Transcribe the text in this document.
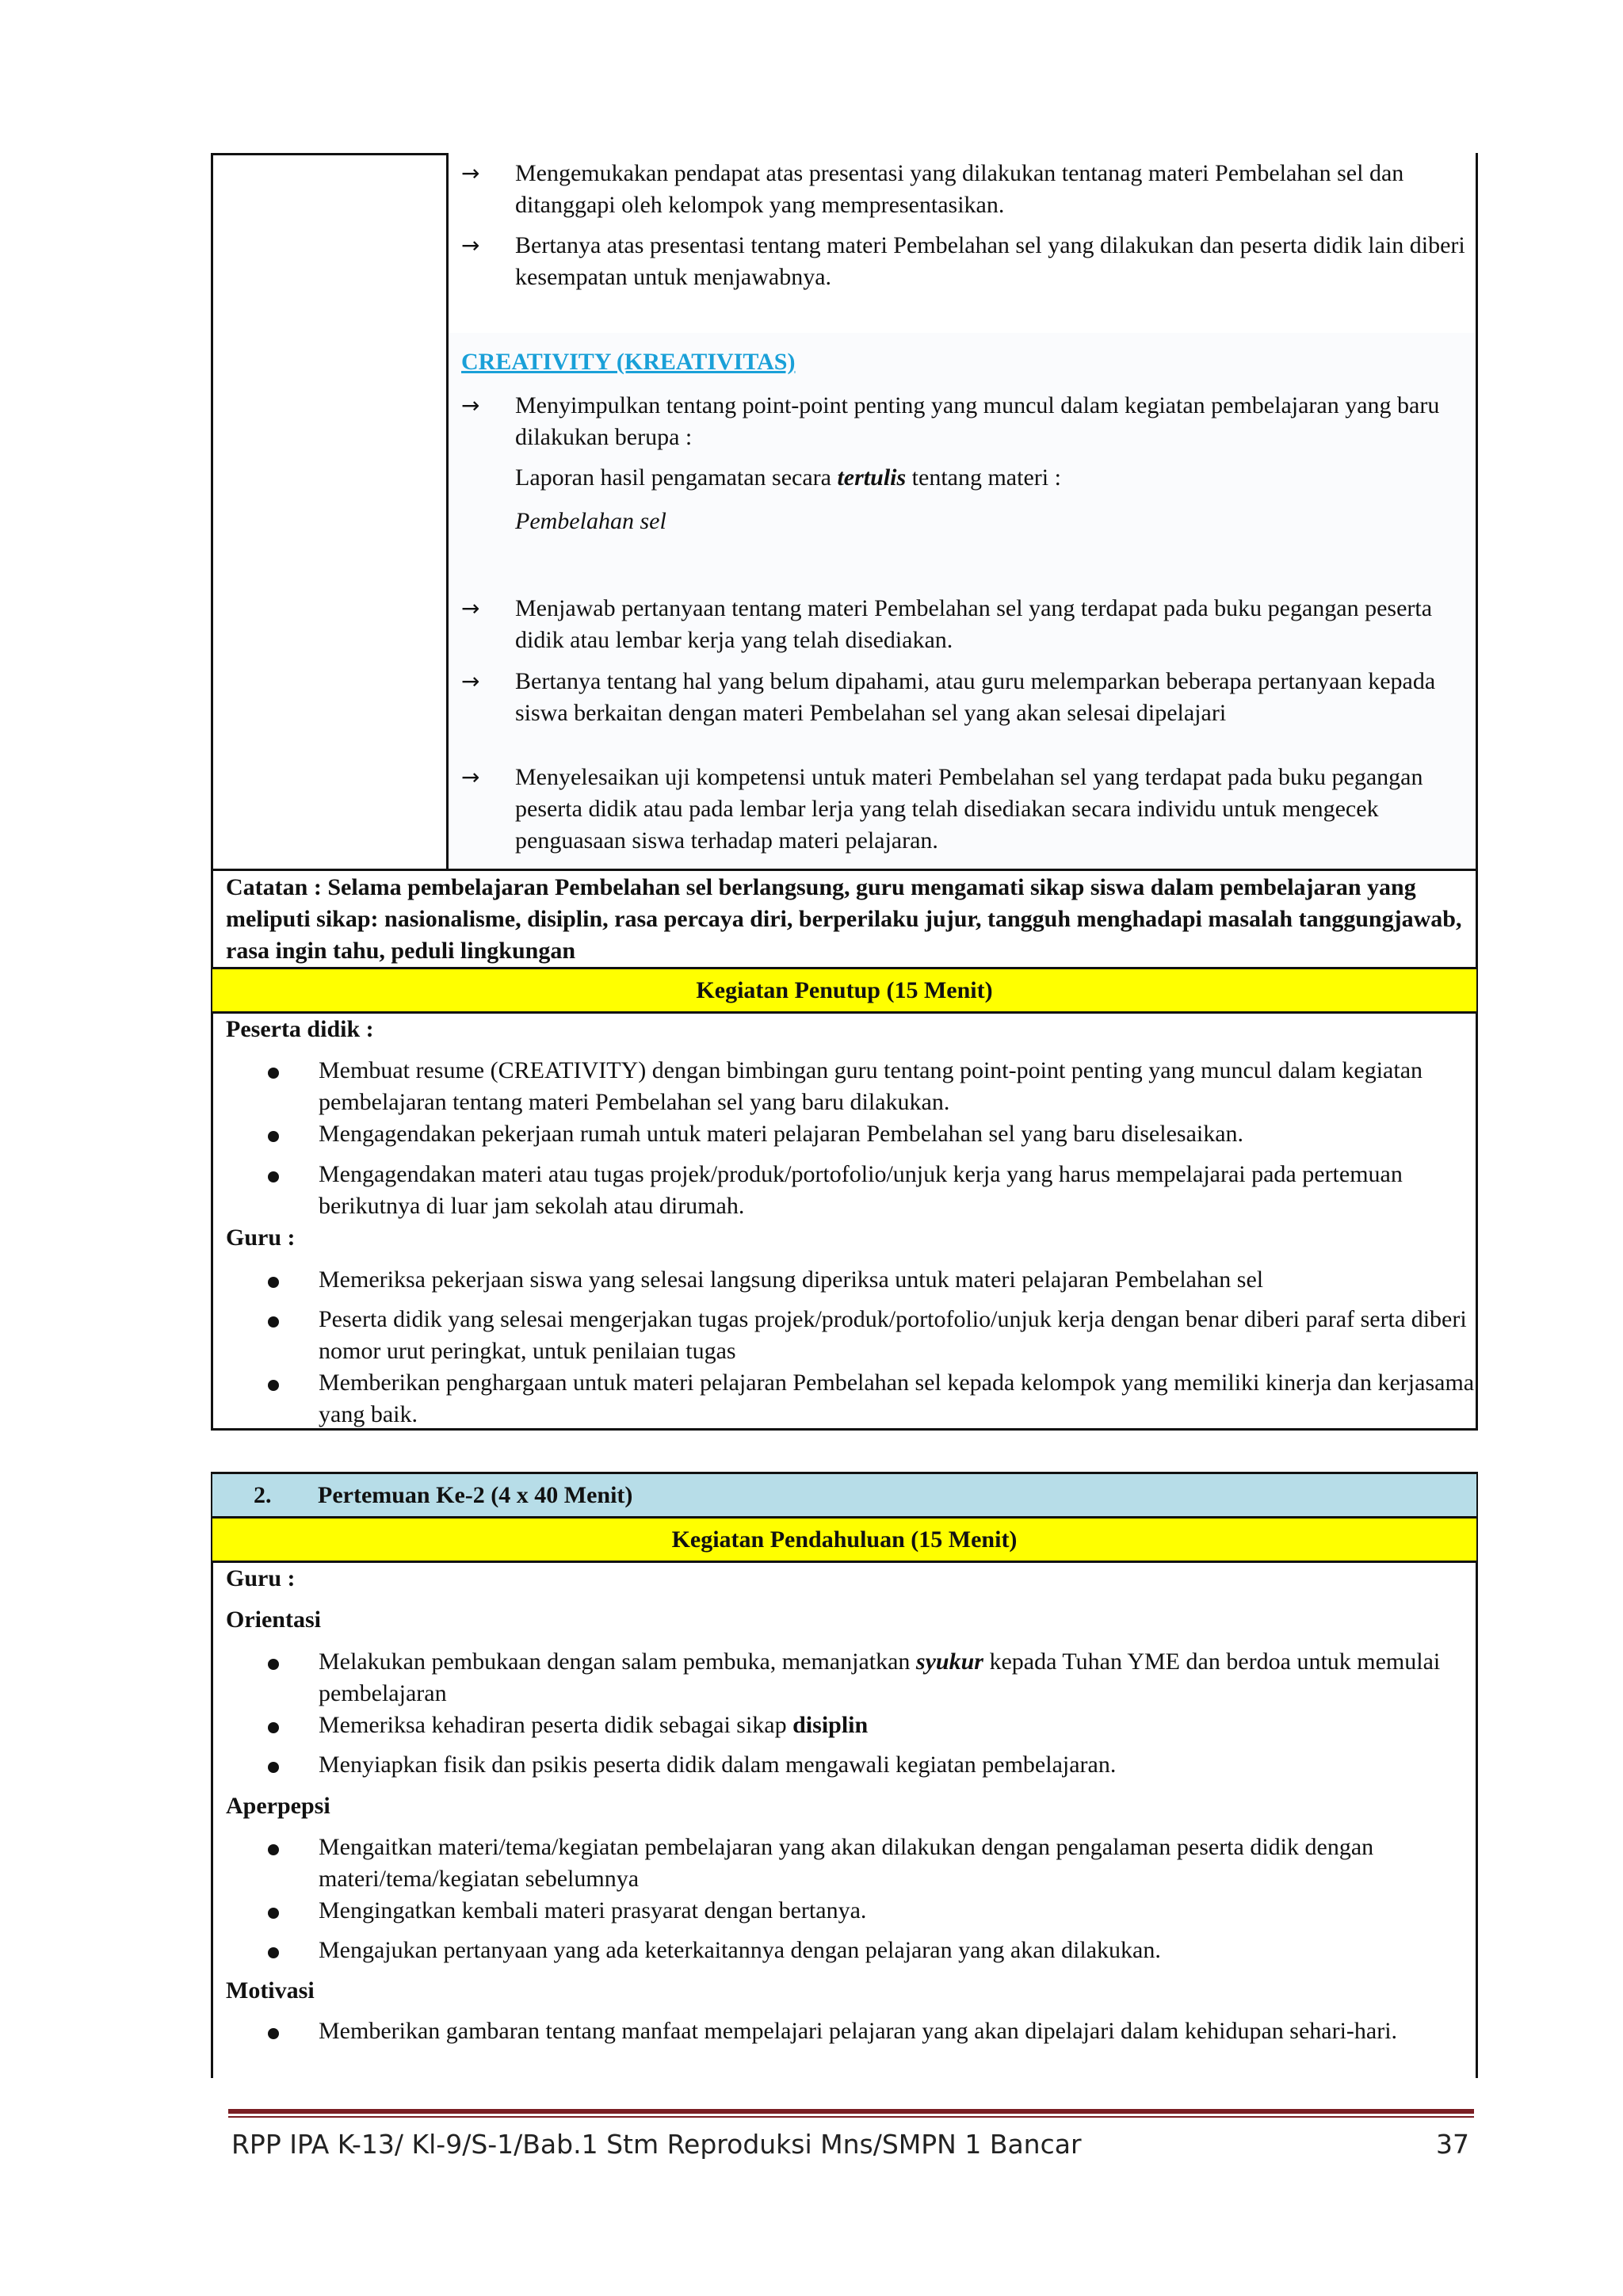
→	Mengemukakan pendapat atas presentasi yang dilakukan tentanag materi Pembelahan sel dan ditanggapi oleh kelompok yang mempresentasikan.
→	Bertanya atas presentasi tentang materi Pembelahan sel yang dilakukan dan peserta didik lain diberi kesempatan untuk menjawabnya.
CREATIVITY (KREATIVITAS)
→	Menyimpulkan tentang point-point penting yang muncul dalam kegiatan pembelajaran yang baru dilakukan berupa :
Laporan hasil pengamatan secara tertulis tentang materi :
Pembelahan sel
→	Menjawab pertanyaan tentang materi Pembelahan sel yang terdapat pada buku pegangan peserta didik atau lembar kerja yang telah disediakan.
→	Bertanya tentang hal yang belum dipahami, atau guru melemparkan beberapa pertanyaan kepada siswa berkaitan dengan materi Pembelahan sel yang akan selesai dipelajari
→	Menyelesaikan uji kompetensi untuk materi Pembelahan sel yang terdapat pada buku pegangan peserta didik atau pada lembar lerja yang telah disediakan secara individu untuk mengecek penguasaan siswa terhadap materi pelajaran.
Catatan : Selama pembelajaran Pembelahan sel berlangsung, guru mengamati sikap siswa dalam pembelajaran yang meliputi sikap: nasionalisme, disiplin, rasa percaya diri, berperilaku jujur, tangguh menghadapi masalah tanggungjawab, rasa ingin tahu, peduli lingkungan
Kegiatan Penutup (15 Menit)
Peserta didik :
Membuat resume (CREATIVITY) dengan bimbingan guru tentang point-point penting yang muncul dalam kegiatan pembelajaran tentang materi Pembelahan sel yang baru dilakukan.
Mengagendakan pekerjaan rumah untuk materi pelajaran Pembelahan sel yang baru diselesaikan.
Mengagendakan materi atau tugas projek/produk/portofolio/unjuk kerja yang harus mempelajarai pada pertemuan berikutnya di luar jam sekolah atau dirumah.
Guru :
Memeriksa pekerjaan siswa yang selesai langsung diperiksa untuk materi pelajaran Pembelahan sel
Peserta didik yang selesai mengerjakan tugas projek/produk/portofolio/unjuk kerja dengan benar diberi paraf serta diberi nomor urut peringkat, untuk penilaian tugas
Memberikan penghargaan untuk materi pelajaran Pembelahan sel kepada kelompok yang memiliki kinerja dan kerjasama yang baik.
2. Pertemuan Ke-2 (4 x 40 Menit)
Kegiatan Pendahuluan (15 Menit)
Guru :
Orientasi
Melakukan pembukaan dengan salam pembuka, memanjatkan syukur kepada Tuhan YME dan berdoa untuk memulai pembelajaran
Memeriksa kehadiran peserta didik sebagai sikap disiplin
Menyiapkan fisik dan psikis peserta didik dalam mengawali kegiatan pembelajaran.
Aperpepsi
Mengaitkan materi/tema/kegiatan pembelajaran yang akan dilakukan dengan pengalaman peserta didik dengan materi/tema/kegiatan sebelumnya
Mengingatkan kembali materi prasyarat dengan bertanya.
Mengajukan pertanyaan yang ada keterkaitannya dengan pelajaran yang akan dilakukan.
Motivasi
Memberikan gambaran tentang manfaat mempelajari pelajaran yang akan dipelajari dalam kehidupan sehari-hari.
RPP IPA K-13/ Kl-9/S-1/Bab.1 Stm Reproduksi Mns/SMPN 1 Bancar	37
